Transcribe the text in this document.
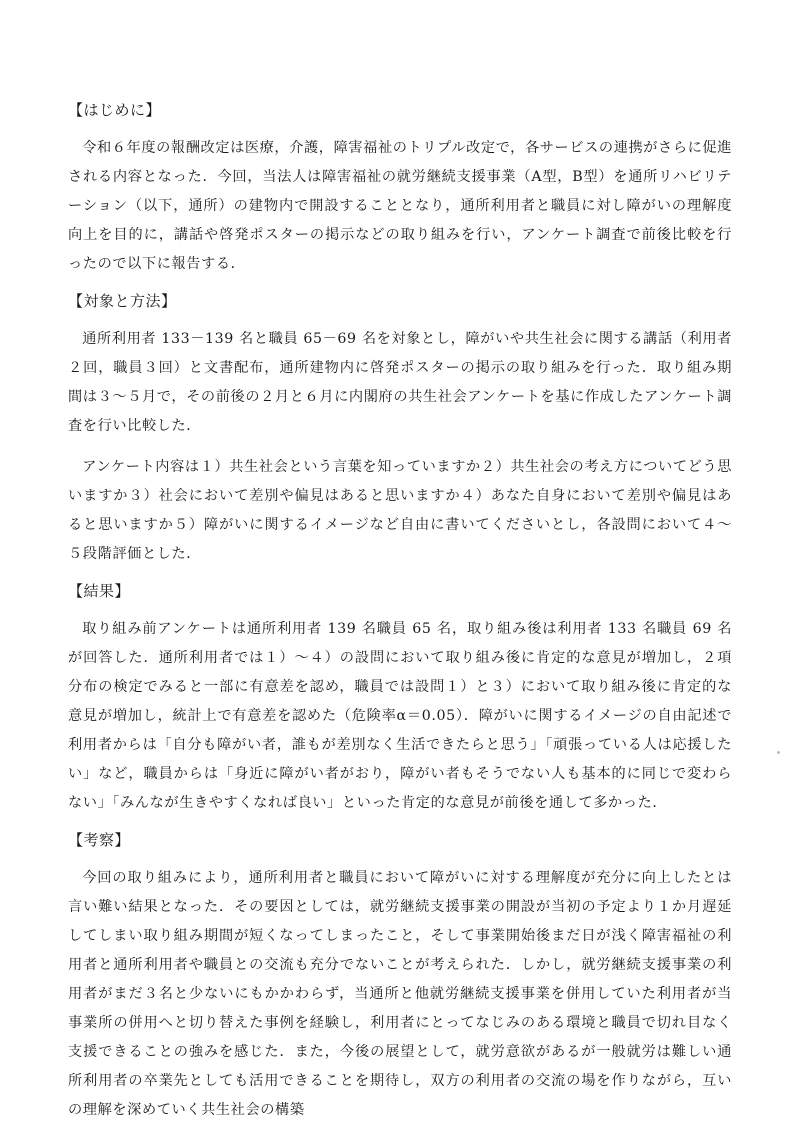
【はじめに】

令和６年度の報酬改定は医療，介護，障害福祉のトリプル改定で，各サービスの連携がさらに促進される内容となった．今回，当法人は障害福祉の就労継続支援事業（A型，B型）を通所リハビリテーション（以下，通所）の建物内で開設することとなり，通所利用者と職員に対し障がいの理解度向上を目的に，講話や啓発ポスターの掲示などの取り組みを行い，アンケート調査で前後比較を行ったので以下に報告する．

【対象と方法】

通所利用者 133－139 名と職員 65－69 名を対象とし，障がいや共生社会に関する講話（利用者２回，職員３回）と文書配布，通所建物内に啓発ポスターの掲示の取り組みを行った．取り組み期間は３～５月で，その前後の２月と６月に内閣府の共生社会アンケートを基に作成したアンケート調査を行い比較した．

アンケート内容は１）共生社会という言葉を知っていますか２）共生社会の考え方についてどう思いますか３）社会において差別や偏見はあると思いますか４）あなた自身において差別や偏見はあると思いますか５）障がいに関するイメージなど自由に書いてくださいとし，各設問において４～５段階評価とした．

【結果】

取り組み前アンケートは通所利用者 139 名職員 65 名，取り組み後は利用者 133 名職員 69 名が回答した．通所利用者では１）～４）の設問において取り組み後に肯定的な意見が増加し，２項分布の検定でみると一部に有意差を認め，職員では設問１）と３）において取り組み後に肯定的な意見が増加し，統計上で有意差を認めた（危険率α＝0.05）．障がいに関するイメージの自由記述で利用者からは「自分も障がい者，誰もが差別なく生活できたらと思う」「頑張っている人は応援したい」など，職員からは「身近に障がい者がおり，障がい者もそうでない人も基本的に同じで変わらない」「みんなが生きやすくなれば良い」といった肯定的な意見が前後を通して多かった．

【考察】

今回の取り組みにより，通所利用者と職員において障がいに対する理解度が充分に向上したとは言い難い結果となった．その要因としては，就労継続支援事業の開設が当初の予定より１か月遅延してしまい取り組み期間が短くなってしまったこと，そして事業開始後まだ日が浅く障害福祉の利用者と通所利用者や職員との交流も充分でないことが考えられた．しかし，就労継続支援事業の利用者がまだ３名と少ないにもかかわらず，当通所と他就労継続支援事業を併用していた利用者が当事業所の併用へと切り替えた事例を経験し，利用者にとってなじみのある環境と職員で切れ目なく支援できることの強みを感じた．また，今後の展望として，就労意欲があるが一般就労は難しい通所利用者の卒業先としても活用できることを期待し，双方の利用者の交流の場を作りながら，互いの理解を深めていく共生社会の構築
